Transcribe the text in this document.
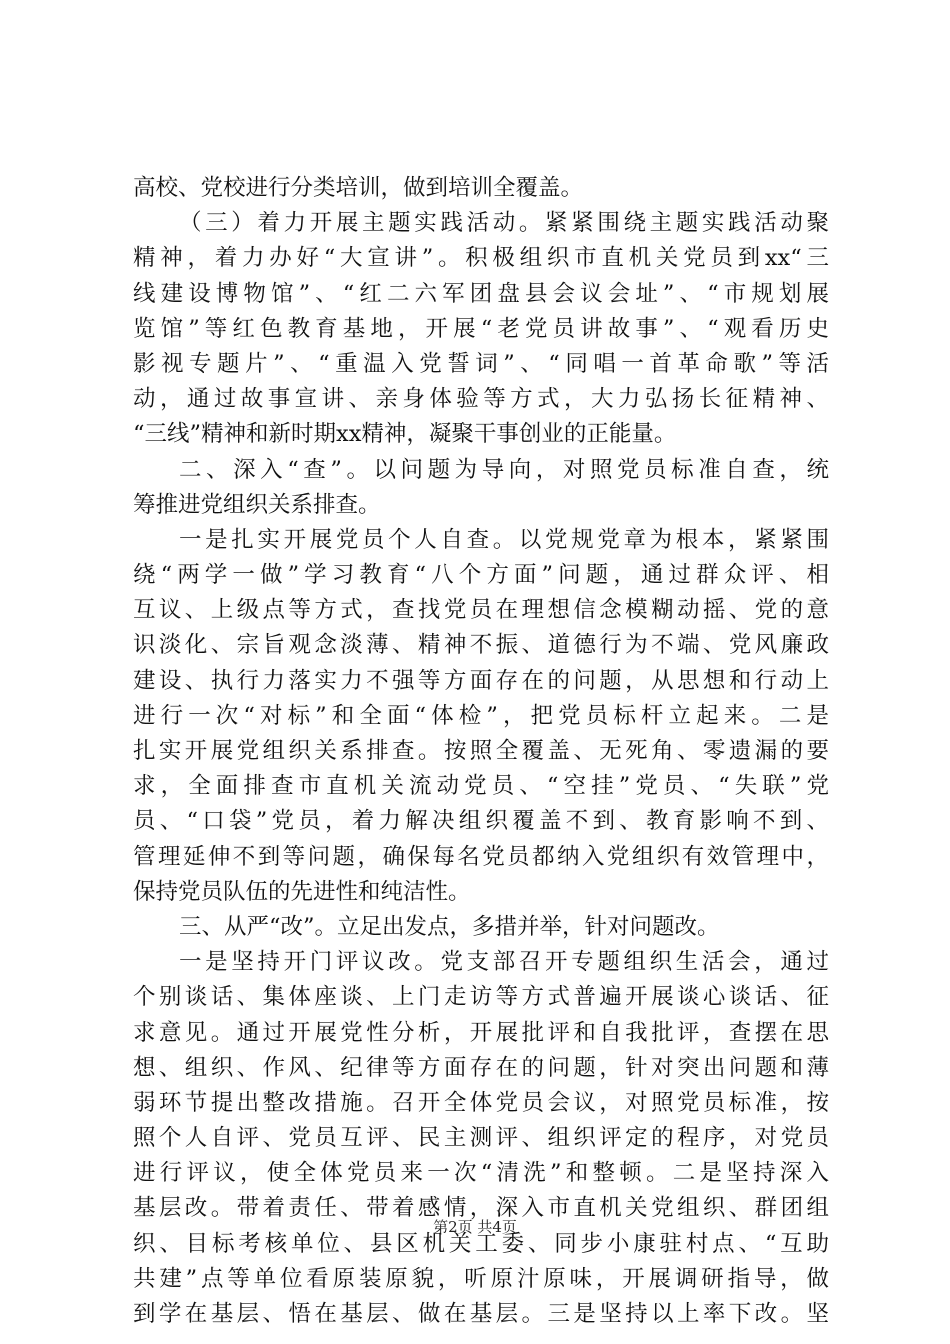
高校、党校进行分类培训，做到培训全覆盖。
（三）着力开展主题实践活动。紧紧围绕主题实践活动聚
精神，着力办好“大宣讲”。积极组织市直机关党员到xx“三
线建设博物馆”、“红二六军团盘县会议会址”、“市规划展
览馆”等红色教育基地，开展“老党员讲故事”、“观看历史
影视专题片”、“重温入党誓词”、“同唱一首革命歌”等活
动，通过故事宣讲、亲身体验等方式，大力弘扬长征精神、
“三线”精神和新时期xx精神，凝聚干事创业的正能量。
二、深入“查”。以问题为导向，对照党员标准自查，统
筹推进党组织关系排查。
一是扎实开展党员个人自查。以党规党章为根本，紧紧围
绕“两学一做”学习教育“八个方面”问题，通过群众评、相
互议、上级点等方式，查找党员在理想信念模糊动摇、党的意
识淡化、宗旨观念淡薄、精神不振、道德行为不端、党风廉政
建设、执行力落实力不强等方面存在的问题，从思想和行动上
进行一次“对标”和全面“体检”，把党员标杆立起来。二是
扎实开展党组织关系排查。按照全覆盖、无死角、零遗漏的要
求，全面排查市直机关流动党员、“空挂”党员、“失联”党
员、“口袋”党员，着力解决组织覆盖不到、教育影响不到、
管理延伸不到等问题，确保每名党员都纳入党组织有效管理中，
保持党员队伍的先进性和纯洁性。
三、从严“改”。立足出发点，多措并举，针对问题改。
一是坚持开门评议改。党支部召开专题组织生活会，通过
个别谈话、集体座谈、上门走访等方式普遍开展谈心谈话、征
求意见。通过开展党性分析，开展批评和自我批评，查摆在思
想、组织、作风、纪律等方面存在的问题，针对突出问题和薄
弱环节提出整改措施。召开全体党员会议，对照党员标准，按
照个人自评、党员互评、民主测评、组织评定的程序，对党员
进行评议，使全体党员来一次“清洗”和整顿。二是坚持深入
基层改。带着责任、带着感情，深入市直机关党组织、群团组
织、目标考核单位、县区机关工委、同步小康驻村点、“互助
共建”点等单位看原装原貌，听原汁原味，开展调研指导，做
到学在基层、悟在基层、做在基层。三是坚持以上率下改。坚
第2页 共4页
